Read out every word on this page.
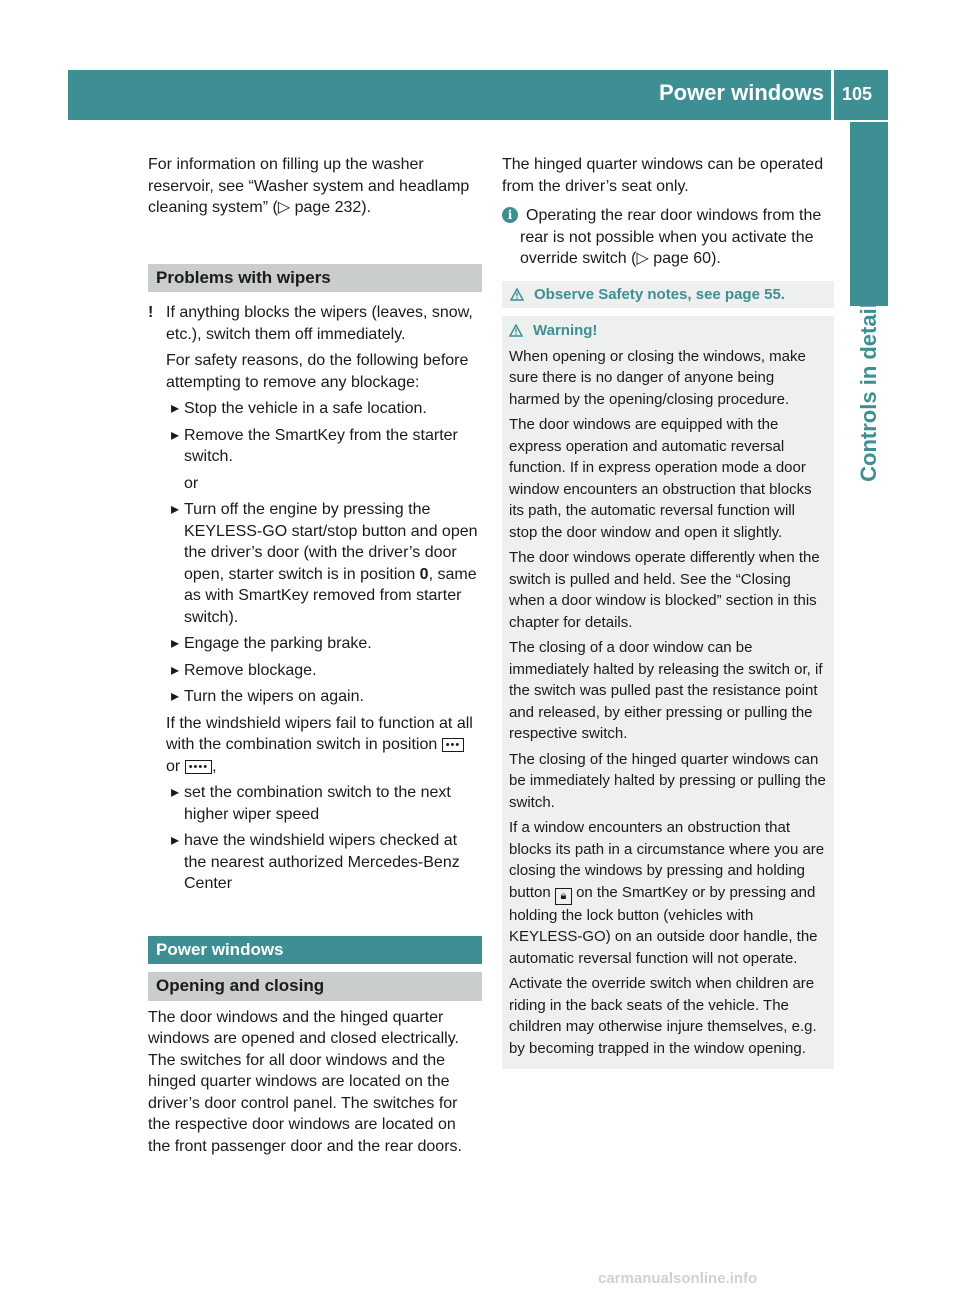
Power windows 105
Controls in detail

For information on filling up the washer reservoir, see “Washer system and headlamp cleaning system” (▷ page 232).

Problems with wipers

! If anything blocks the wipers (leaves, snow, etc.), switch them off immediately.

For safety reasons, do the following before attempting to remove any blockage:

▸ Stop the vehicle in a safe location.

▸ Remove the SmartKey from the starter switch.

or

▸ Turn off the engine by pressing the KEYLESS-GO start/stop button and open the driver’s door (with the driver’s door open, starter switch is in position 0, same as with SmartKey removed from starter switch).

▸ Engage the parking brake.

▸ Remove blockage.

▸ Turn the wipers on again.

If the windshield wipers fail to function at all with the combination switch in position ••• or •••• ,

▸ set the combination switch to the next higher wiper speed

▸ have the windshield wipers checked at the nearest authorized Mercedes-Benz Center

Power windows
Opening and closing

The door windows and the hinged quarter windows are opened and closed electrically. The switches for all door windows and the hinged quarter windows are located on the driver’s door control panel. The switches for the respective door windows are located on the front passenger door and the rear doors.

The hinged quarter windows can be operated from the driver’s seat only.

i Operating the rear door windows from the rear is not possible when you activate the override switch (▷ page 60).

Observe Safety notes, see page 55.

Warning!

When opening or closing the windows, make sure there is no danger of anyone being harmed by the opening/closing procedure.

The door windows are equipped with the express operation and automatic reversal function. If in express operation mode a door window encounters an obstruction that blocks its path, the automatic reversal function will stop the door window and open it slightly.

The door windows operate differently when the switch is pulled and held. See the “Closing when a door window is blocked” section in this chapter for details.

The closing of a door window can be immediately halted by releasing the switch or, if the switch was pulled past the resistance point and released, by either pressing or pulling the respective switch.

The closing of the hinged quarter windows can be immediately halted by pressing or pulling the switch.

If a window encounters an obstruction that blocks its path in a circumstance where you are closing the windows by pressing and holding button 🔒︎ on the SmartKey or by pressing and holding the lock button (vehicles with KEYLESS-GO) on an outside door handle, the automatic reversal function will not operate.

Activate the override switch when children are riding in the back seats of the vehicle. The children may otherwise injure themselves, e.g. by becoming trapped in the window opening.

carmanualsonline.info
